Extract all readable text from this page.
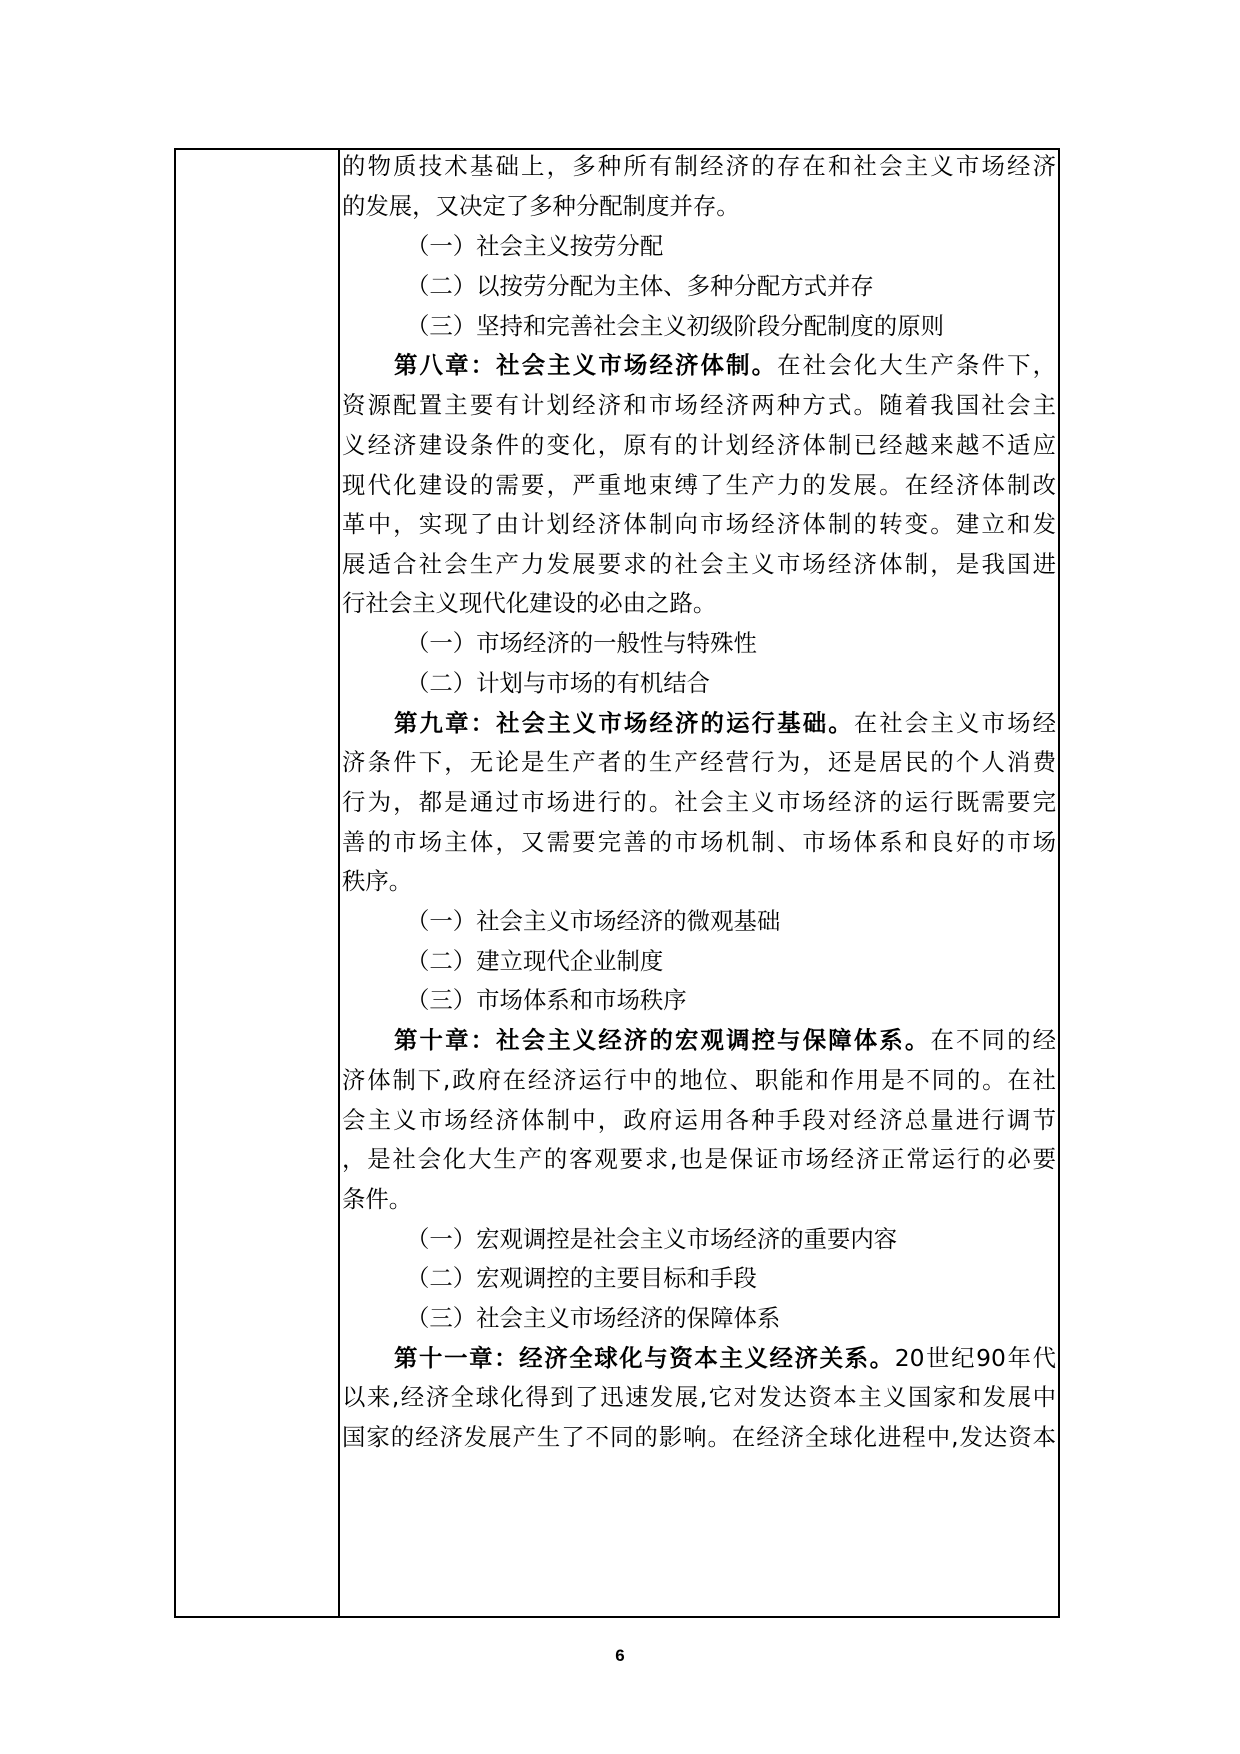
的物质技术基础上，多种所有制经济的存在和社会主义市场经济
的发展，又决定了多种分配制度并存。
（一）社会主义按劳分配
（二）以按劳分配为主体、多种分配方式并存
（三）坚持和完善社会主义初级阶段分配制度的原则
第八章：社会主义市场经济体制。在社会化大生产条件下，
资源配置主要有计划经济和市场经济两种方式。随着我国社会主
义经济建设条件的变化，原有的计划经济体制已经越来越不适应
现代化建设的需要，严重地束缚了生产力的发展。在经济体制改
革中，实现了由计划经济体制向市场经济体制的转变。建立和发
展适合社会生产力发展要求的社会主义市场经济体制，是我国进
行社会主义现代化建设的必由之路。
（一）市场经济的一般性与特殊性
（二）计划与市场的有机结合
第九章：社会主义市场经济的运行基础。在社会主义市场经
济条件下，无论是生产者的生产经营行为，还是居民的个人消费
行为，都是通过市场进行的。社会主义市场经济的运行既需要完
善的市场主体，又需要完善的市场机制、市场体系和良好的市场
秩序。
（一）社会主义市场经济的微观基础
（二）建立现代企业制度
（三）市场体系和市场秩序
第十章：社会主义经济的宏观调控与保障体系。在不同的经
济体制下,政府在经济运行中的地位、职能和作用是不同的。在社
会主义市场经济体制中，政府运用各种手段对经济总量进行调节
，是社会化大生产的客观要求,也是保证市场经济正常运行的必要
条件。
（一）宏观调控是社会主义市场经济的重要内容
（二）宏观调控的主要目标和手段
（三）社会主义市场经济的保障体系
第十一章：经济全球化与资本主义经济关系。20世纪90年代
以来,经济全球化得到了迅速发展,它对发达资本主义国家和发展中
国家的经济发展产生了不同的影响。在经济全球化进程中,发达资本
6
